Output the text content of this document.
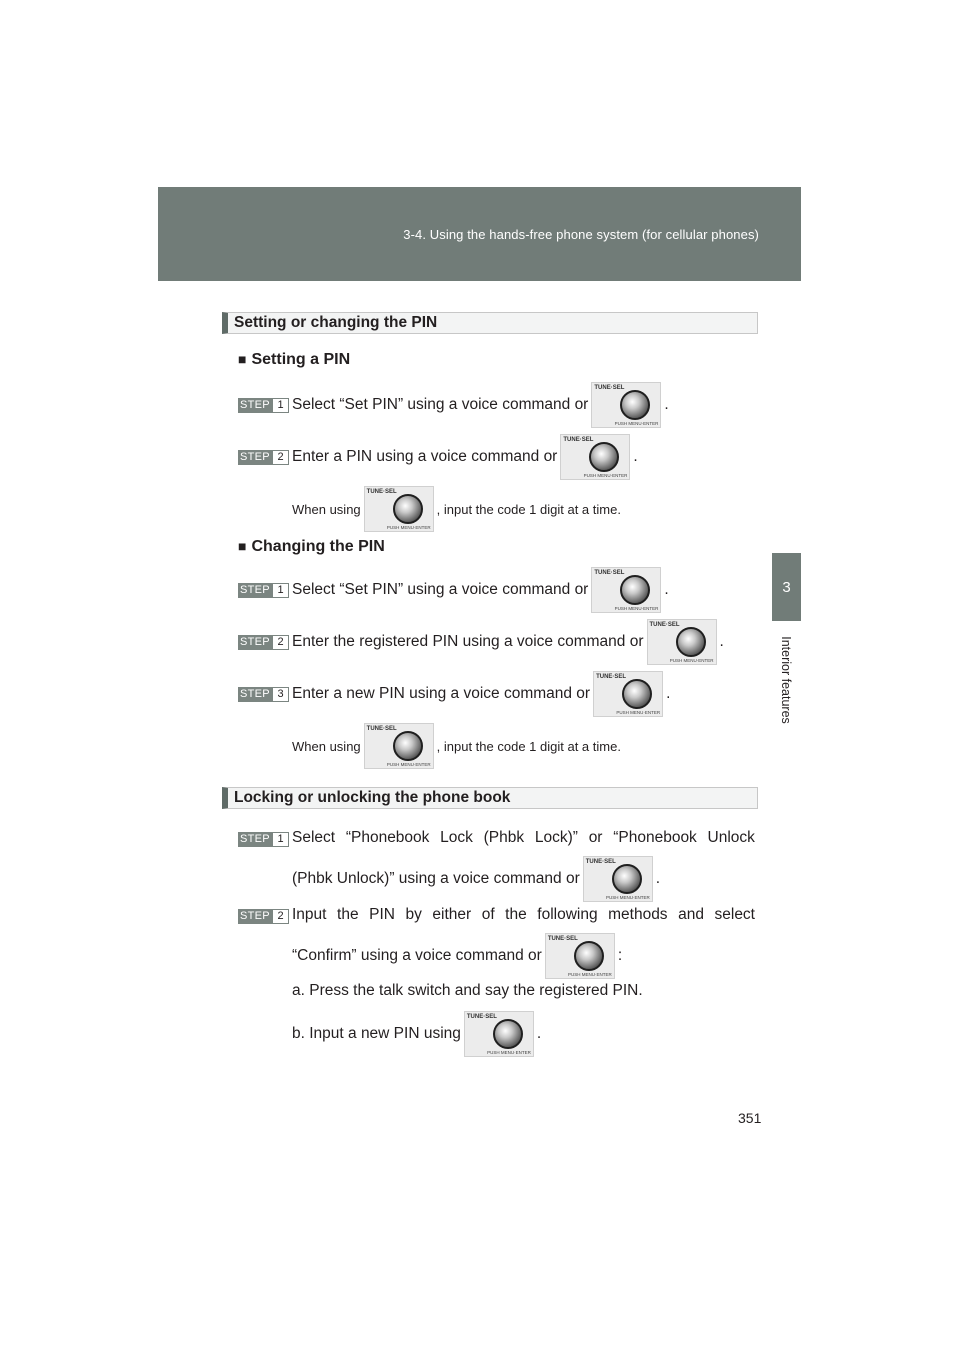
3-4. Using the hands-free phone system (for cellular phones)
3
Interior features
Setting or changing the PIN
■ Setting a PIN
STEP 1 Select “Set PIN” using a voice command or
TUNE·SEL
PUSH MENU·ENTER
.
STEP 2 Enter a PIN using a voice command or
TUNE·SEL
PUSH MENU·ENTER
.
When using
TUNE·SEL
PUSH MENU·ENTER
, input the code 1 digit at a time.
■ Changing the PIN
STEP 1 Select “Set PIN” using a voice command or
TUNE·SEL
PUSH MENU·ENTER
.
STEP 2 Enter the registered PIN using a voice command or
TUNE·SEL
PUSH MENU·ENTER
.
STEP 3 Enter a new PIN using a voice command or
TUNE·SEL
PUSH MENU·ENTER
.
When using
TUNE·SEL
PUSH MENU·ENTER
, input the code 1 digit at a time.
Locking or unlocking the phone book
STEP 1 Select “Phonebook Lock (Phbk Lock)” or “Phonebook Unlock
(Phbk Unlock)” using a voice command or
TUNE·SEL
PUSH MENU·ENTER
.
STEP 2 Input the PIN by either of the following methods and select
“Confirm” using a voice command or
TUNE·SEL
PUSH MENU·ENTER
:
a. Press the talk switch and say the registered PIN.
b. Input a new PIN using
TUNE·SEL
PUSH MENU·ENTER
.
351
